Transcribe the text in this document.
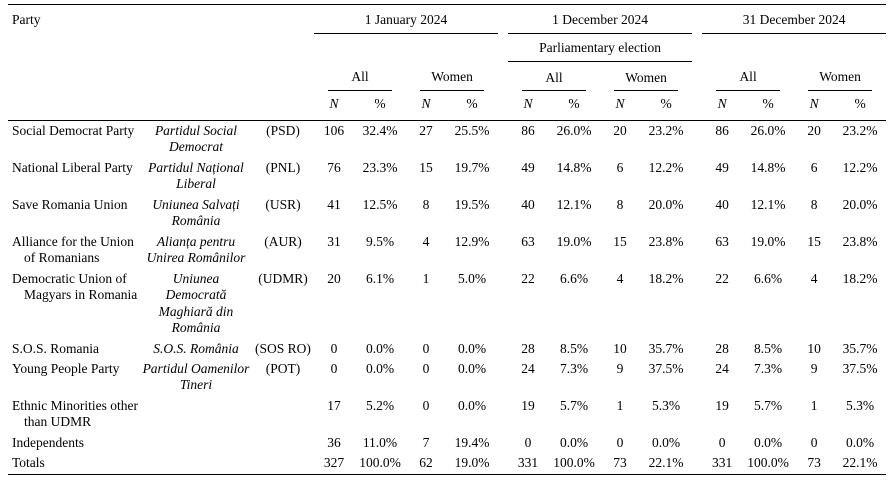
Party			1 January 2024					1 December 2024					31 December 2024			
								Parliamentary election								

			All		Women			All		Women			All		Women	

			N	%	N	%		N	%	N	%		N	%	N	%
Social Democrat Party	Partidul Social Democrat	(PSD)	106	32.4%	27	25.5%		86	26.0%	20	23.2%		86	26.0%	20	23.2%
National Liberal Party	Partidul Național Liberal	(PNL)	76	23.3%	15	19.7%		49	14.8%	6	12.2%		49	14.8%	6	12.2%
Save Romania Union	Uniunea Salvați România	(USR)	41	12.5%	8	19.5%		40	12.1%	8	20.0%		40	12.1%	8	20.0%
Alliance for the Union of Romanians	Alianța pentru Unirea Românilor	(AUR)	31	9.5%	4	12.9%		63	19.0%	15	23.8%		63	19.0%	15	23.8%
Democratic Union of Magyars in Romania	Uniunea Democrată Maghiară din România	(UDMR)	20	6.1%	1	5.0%		22	6.6%	4	18.2%		22	6.6%	4	18.2%
S.O.S. Romania	S.O.S. România	(SOS RO)	0	0.0%	0	0.0%		28	8.5%	10	35.7%		28	8.5%	10	35.7%
Young People Party	Partidul Oamenilor Tineri	(POT)	0	0.0%	0	0.0%		24	7.3%	9	37.5%		24	7.3%	9	37.5%
Ethnic Minorities other than UDMR			17	5.2%	0	0.0%		19	5.7%	1	5.3%		19	5.7%	1	5.3%
Independents			36	11.0%	7	19.4%		0	0.0%	0	0.0%		0	0.0%	0	0.0%
Totals			327	100.0%	62	19.0%		331	100.0%	73	22.1%		331	100.0%	73	22.1%
